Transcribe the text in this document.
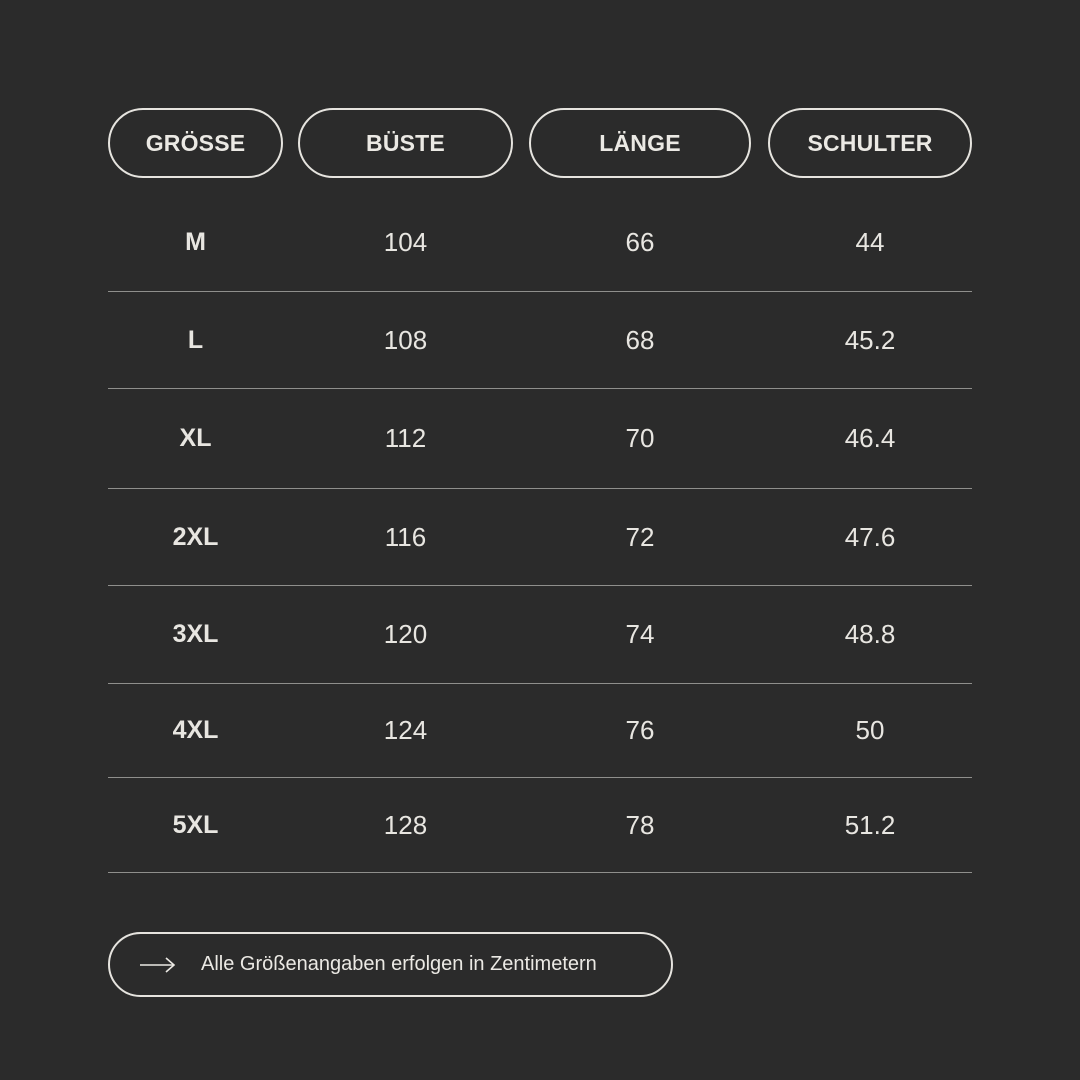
GRÖSSE	BÜSTE	LÄNGE	SCHULTER
M	104	66	44
L	108	68	45.2
XL	112	70	46.4
2XL	116	72	47.6
3XL	120	74	48.8
4XL	124	76	50
5XL	128	78	51.2
Alle Größenangaben erfolgen in Zentimetern
